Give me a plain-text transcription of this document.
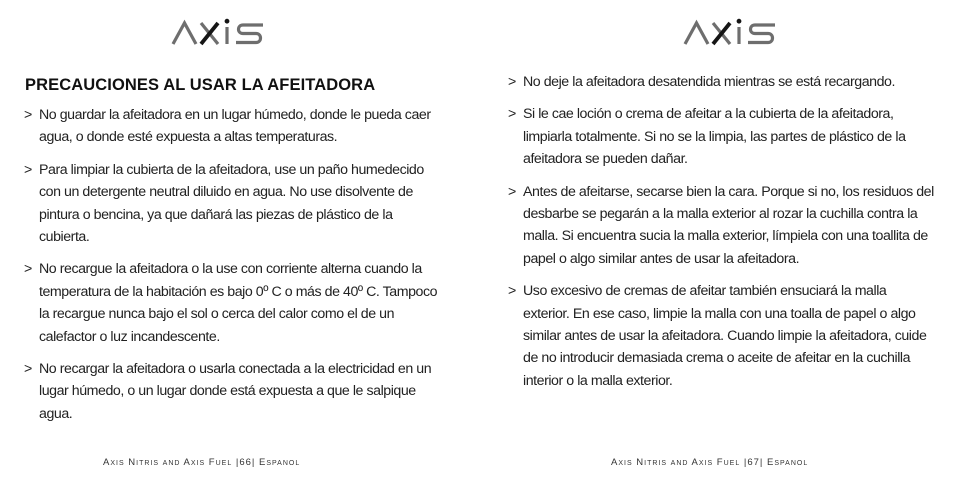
PRECAUCIONES AL USAR LA AFEITADORA
> No guardar la afeitadora en un lugar húmedo, donde le pueda caer agua, o donde esté expuesta a altas temperaturas.
> Para limpiar la cubierta de la afeitadora, use un paño humedecido con un detergente neutral diluido en agua. No use disolvente de pintura o bencina, ya que dañará las piezas de plástico de la cubierta.
> No recargue la afeitadora o la use con corriente alterna cuando la temperatura de la habitación es bajo 0º C o más de 40º C. Tampoco la recargue nunca bajo el sol o cerca del calor como el de un calefactor o luz incandescente.
> No recargar la afeitadora o usarla conectada a la electricidad en un lugar húmedo, o un lugar donde está expuesta a que le salpique agua.

Axis Nitris and Axis Fuel |66| Espanol

> No deje la afeitadora desatendida mientras se está recargando.
> Si le cae loción o crema de afeitar a la cubierta de la afeitadora, limpiarla totalmente. Si no se la limpia, las partes de plástico de la afeitadora se pueden dañar.
> Antes de afeitarse, secarse bien la cara. Porque si no, los residuos del desbarbe se pegarán a la malla exterior al rozar la cuchilla contra la malla. Si encuentra sucia la malla exterior, límpiela con una toallita de papel o algo similar antes de usar la afeitadora.
> Uso excesivo de cremas de afeitar también ensuciará la malla exterior. En ese caso, limpie la malla con una toalla de papel o algo similar antes de usar la afeitadora. Cuando limpie la afeitadora, cuide de no introducir demasiada crema o aceite de afeitar en la cuchilla interior o la malla exterior.

Axis Nitris and Axis Fuel |67| Espanol
